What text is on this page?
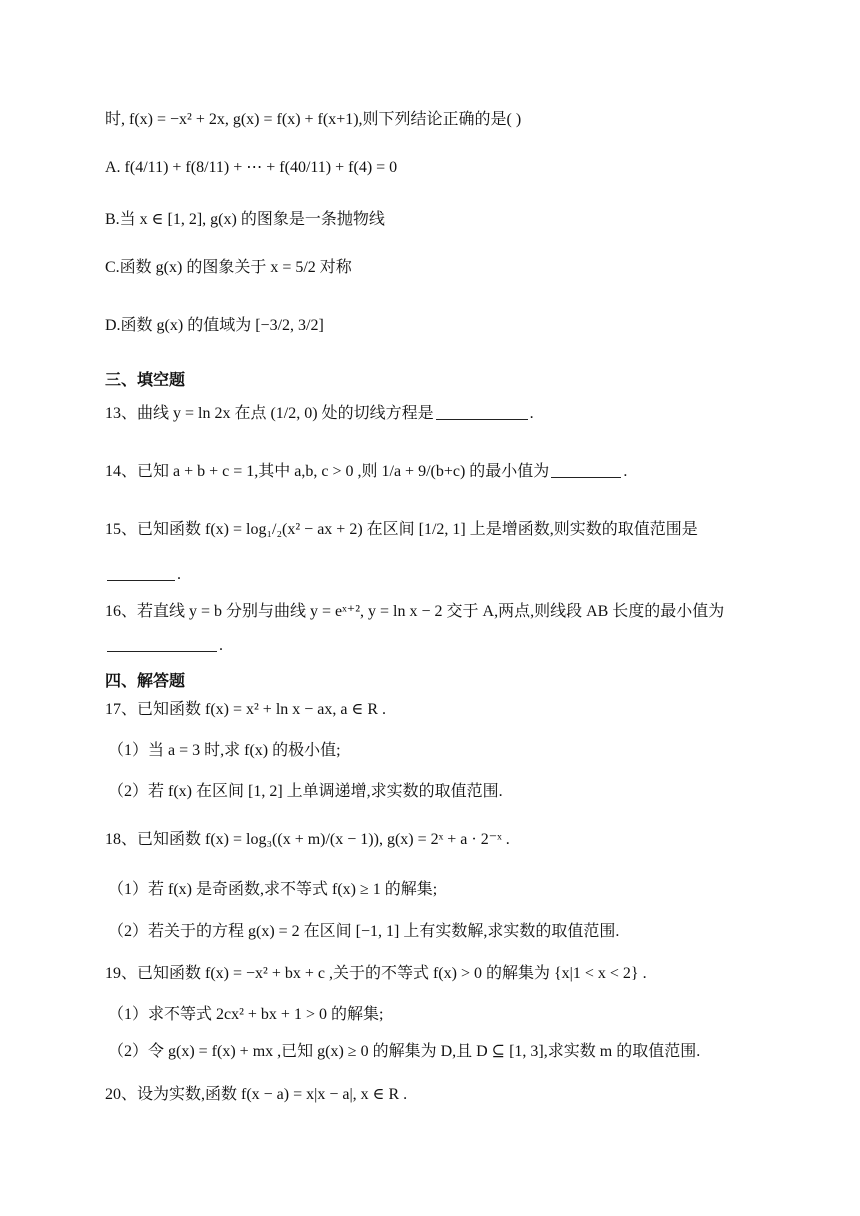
时, f(x) = −x² + 2x, g(x) = f(x) + f(x+1),则下列结论正确的是( )
A. f(4/11) + f(8/11) + ⋯ + f(40/11) + f(4) = 0
B.当 x ∈ [1, 2], g(x) 的图象是一条抛物线
C.函数 g(x) 的图象关于 x = 5/2 对称
D.函数 g(x) 的值域为 [−3/2, 3/2]
三、填空题
13、曲线 y = ln 2x 在点 (1/2, 0) 处的切线方程是	.
14、已知 a + b + c = 1,其中 a,b, c > 0 ,则 1/a + 9/(b+c) 的最小值为	.
15、已知函数 f(x) = log₁/₂(x² − ax + 2) 在区间 [1/2, 1] 上是增函数,则实数的取值范围是
.
16、若直线 y = b 分别与曲线 y = eˣ⁺², y = ln x − 2 交于 A,两点,则线段 AB 长度的最小值为
.
四、解答题
17、已知函数 f(x) = x² + ln x − ax, a ∈ R .
（1）当 a = 3 时,求 f(x) 的极小值;
（2）若 f(x) 在区间 [1, 2] 上单调递增,求实数的取值范围.
18、已知函数 f(x) = log₃((x + m)/(x − 1)), g(x) = 2ˣ + a · 2⁻ˣ .
（1）若 f(x) 是奇函数,求不等式 f(x) ≥ 1 的解集;
（2）若关于的方程 g(x) = 2 在区间 [−1, 1] 上有实数解,求实数的取值范围.
19、已知函数 f(x) = −x² + bx + c ,关于的不等式 f(x) > 0 的解集为 {x|1 < x < 2} .
（1）求不等式 2cx² + bx + 1 > 0 的解集;
（2）令 g(x) = f(x) + mx ,已知 g(x) ≥ 0 的解集为 D,且 D ⊆ [1, 3],求实数 m 的取值范围.
20、设为实数,函数 f(x − a) = x|x − a|, x ∈ R .
